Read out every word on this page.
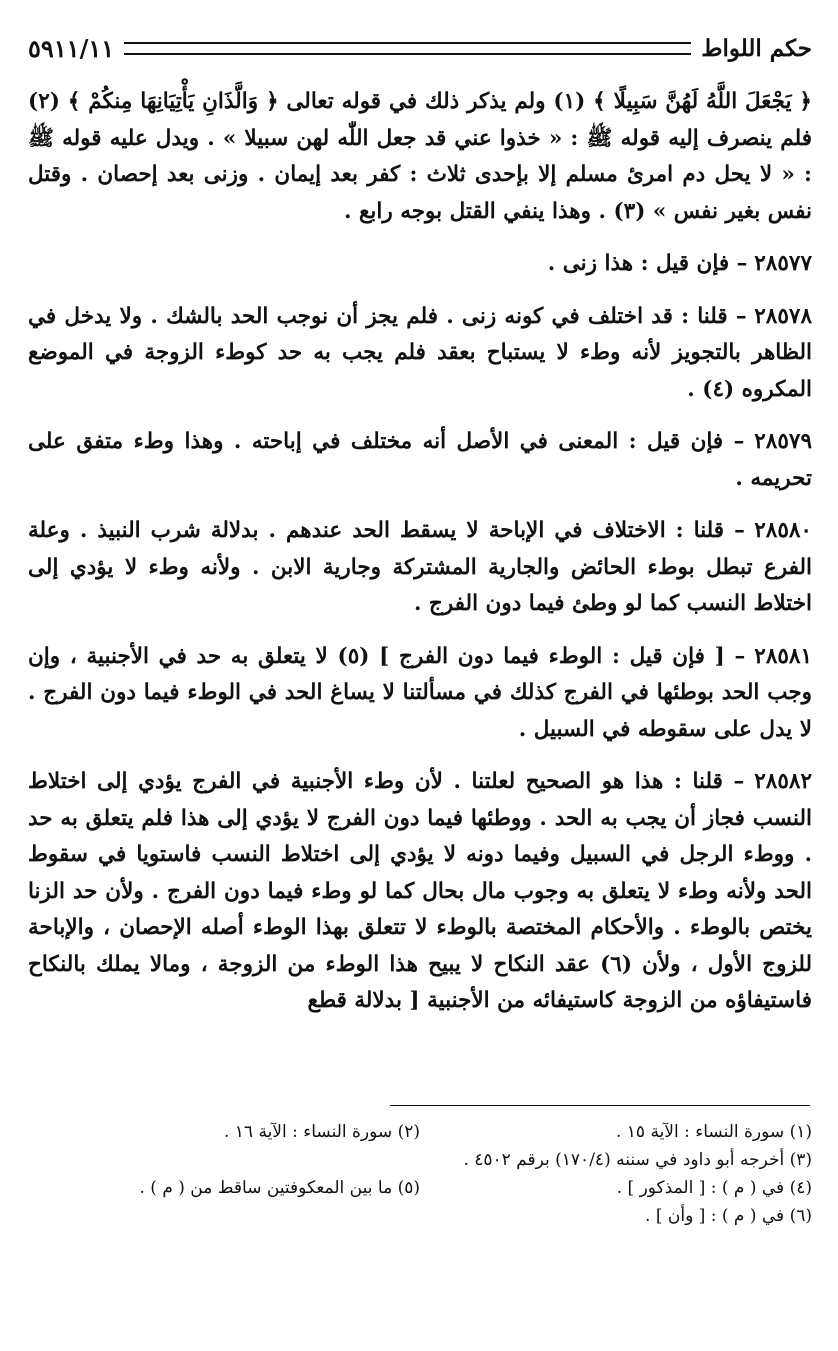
حكم اللواط
٥٩١١/١١

﴿ يَجْعَلَ اللَّهُ لَهُنَّ سَبِيلًا ﴾ (١) ولم يذكر ذلك في قوله تعالى ﴿ وَالَّذَانِ يَأْتِيَانِهَا مِنكُمْ ﴾ (٢) فلم ينصرف إليه قوله ﷺ : « خذوا عني قد جعل اللّٰه لهن سبيلا » . ويدل عليه قوله ﷺ : « لا يحل دم امرئ مسلم إلا بإحدى ثلاث : كفر بعد إيمان . وزنى بعد إحصان . وقتل نفس بغير نفس » (٣) . وهذا ينفي القتل بوجه رابع .

٢٨٥٧٧ – فإن قيل : هذا زنى .

٢٨٥٧٨ – قلنا : قد اختلف في كونه زنى . فلم يجز أن نوجب الحد بالشك . ولا يدخل في الظاهر بالتجويز لأنه وطء لا يستباح بعقد فلم يجب به حد كوطء الزوجة في الموضع المكروه (٤) .

٢٨٥٧٩ – فإن قيل : المعنى في الأصل أنه مختلف في إباحته . وهذا وطء متفق على تحريمه .

٢٨٥٨٠ – قلنا : الاختلاف في الإباحة لا يسقط الحد عندهم . بدلالة شرب النبيذ . وعلة الفرع تبطل بوطء الحائض والجارية المشتركة وجارية الابن . ولأنه وطء لا يؤدي إلى اختلاط النسب كما لو وطئ فيما دون الفرج .

٢٨٥٨١ – [ فإن قيل : الوطء فيما دون الفرج ] (٥) لا يتعلق به حد في الأجنبية ، وإن وجب الحد بوطئها في الفرج كذلك في مسألتنا لا يساغ الحد في الوطء فيما دون الفرج . لا يدل على سقوطه في السبيل .

٢٨٥٨٢ – قلنا : هذا هو الصحيح لعلتنا . لأن وطء الأجنبية في الفرج يؤدي إلى اختلاط النسب فجاز أن يجب به الحد . ووطئها فيما دون الفرج لا يؤدي إلى هذا فلم يتعلق به حد . ووطء الرجل في السبيل وفيما دونه لا يؤدي إلى اختلاط النسب فاستويا في سقوط الحد ولأنه وطء لا يتعلق به وجوب مال بحال كما لو وطء فيما دون الفرج . ولأن حد الزنا يختص بالوطء . والأحكام المختصة بالوطء لا تتعلق بهذا الوطء أصله الإحصان ، والإباحة للزوج الأول ، ولأن (٦) عقد النكاح لا يبيح هذا الوطء من الزوجة ، ومالا يملك بالنكاح فاستيفاؤه من الزوجة كاستيفائه من الأجنبية [ بدلالة قطع

(١) سورة النساء : الآية ١٥ .
(٢) سورة النساء : الآية ١٦ .
(٣) أخرجه أبو داود في سننه (١٧٠/٤) برقم ٤٥٠٢ .
(٤) في ( م ) : [ المذكور ] .
(٥) ما بين المعكوفتين ساقط من ( م ) .
(٦) في ( م ) : [ وأن ] .
